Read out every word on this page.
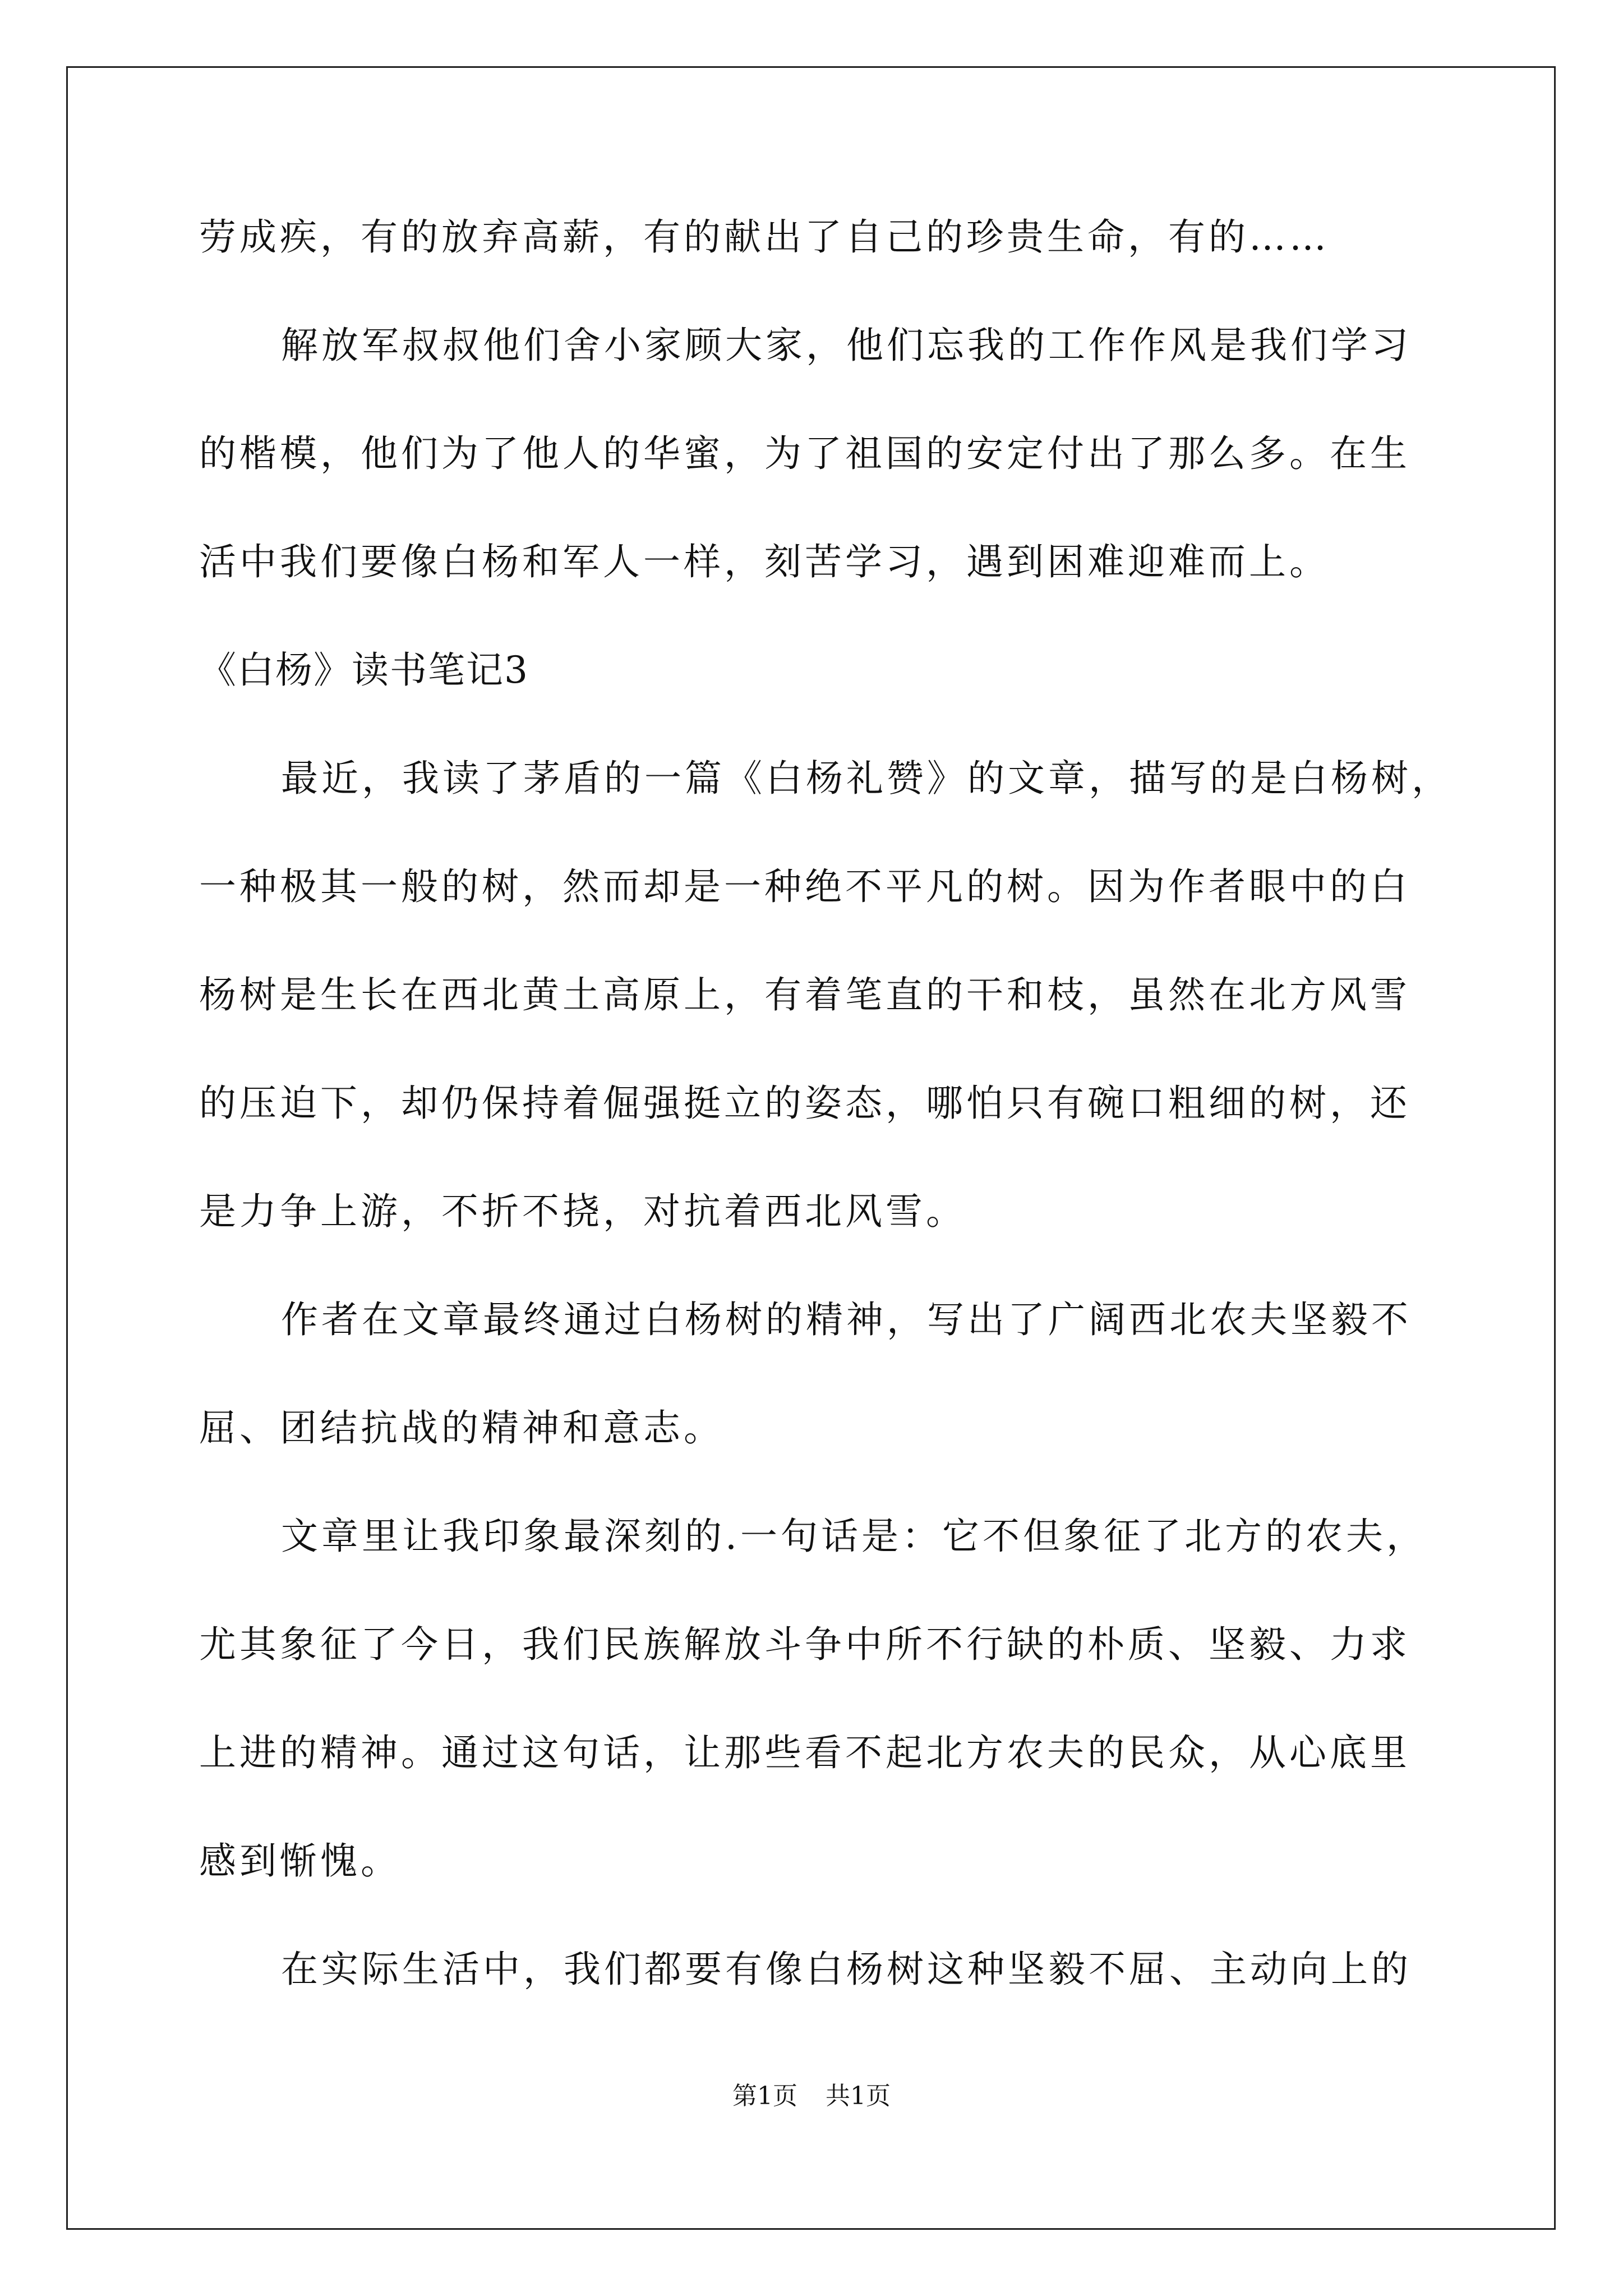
劳成疾，有的放弃高薪，有的献出了自己的珍贵生命，有的……
解放军叔叔他们舍小家顾大家，他们忘我的工作作风是我们学习
的楷模，他们为了他人的华蜜，为了祖国的安定付出了那么多。在生
活中我们要像白杨和军人一样，刻苦学习，遇到困难迎难而上。
《白杨》读书笔记3
最近，我读了茅盾的一篇《白杨礼赞》的文章，描写的是白杨树，
一种极其一般的树，然而却是一种绝不平凡的树。因为作者眼中的白
杨树是生长在西北黄土高原上，有着笔直的干和枝，虽然在北方风雪
的压迫下，却仍保持着倔强挺立的姿态，哪怕只有碗口粗细的树，还
是力争上游，不折不挠，对抗着西北风雪。
作者在文章最终通过白杨树的精神，写出了广阔西北农夫坚毅不
屈、团结抗战的精神和意志。
文章里让我印象最深刻的.一句话是：它不但象征了北方的农夫，
尤其象征了今日，我们民族解放斗争中所不行缺的朴质、坚毅、力求
上进的精神。通过这句话，让那些看不起北方农夫的民众，从心底里
感到惭愧。
在实际生活中，我们都要有像白杨树这种坚毅不屈、主动向上的
第1页 共1页
